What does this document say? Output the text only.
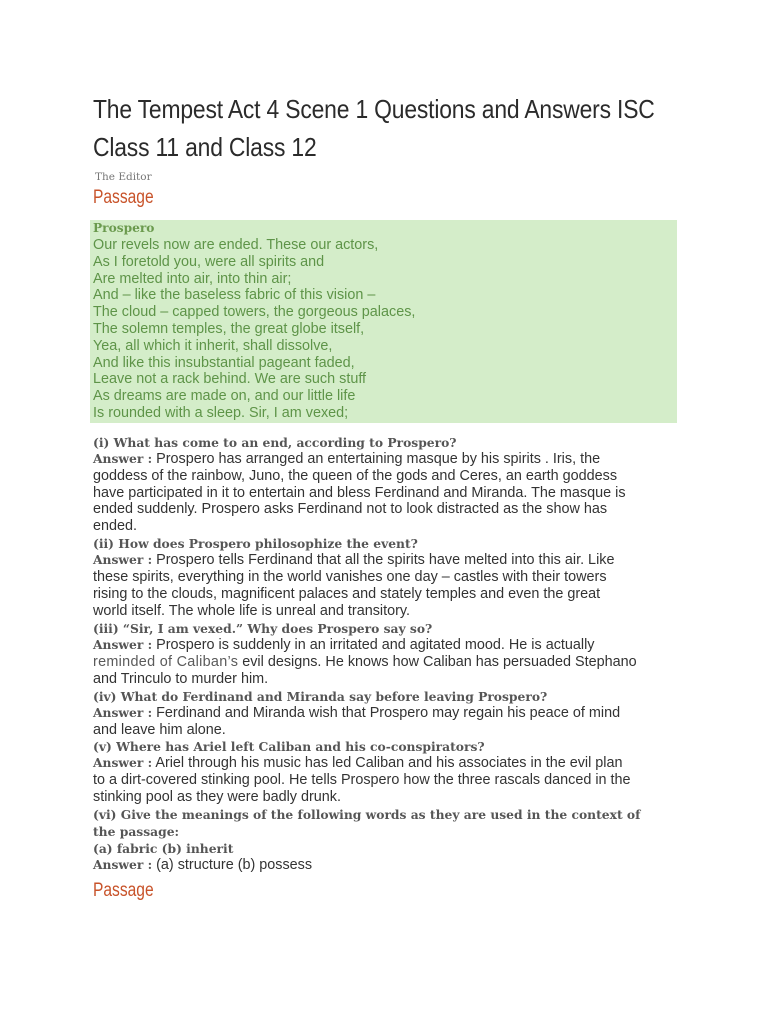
The Tempest Act 4 Scene 1 Questions and Answers ISC
Class 11 and Class 12
The Editor
Passage
Prospero
Our revels now are ended. These our actors,
As I foretold you, were all spirits and
Are melted into air, into thin air;
And – like the baseless fabric of this vision –
The cloud – capped towers, the gorgeous palaces,
The solemn temples, the great globe itself,
Yea, all which it inherit, shall dissolve,
And like this insubstantial pageant faded,
Leave not a rack behind. We are such stuff
As dreams are made on, and our little life
Is rounded with a sleep. Sir, I am vexed;
(i) What has come to an end, according to Prospero?
Answer : Prospero has arranged an entertaining masque by his spirits . Iris, the
goddess of the rainbow, Juno, the queen of the gods and Ceres, an earth goddess
have participated in it to entertain and bless Ferdinand and Miranda. The masque is
ended suddenly. Prospero asks Ferdinand not to look distracted as the show has
ended.
(ii) How does Prospero philosophize the event?
Answer : Prospero tells Ferdinand that all the spirits have melted into this air. Like
these spirits, everything in the world vanishes one day – castles with their towers
rising to the clouds, magnificent palaces and stately temples and even the great
world itself. The whole life is unreal and transitory.
(iii) “Sir, I am vexed.” Why does Prospero say so?
Answer : Prospero is suddenly in an irritated and agitated mood. He is actually
reminded of Caliban’s evil designs. He knows how Caliban has persuaded Stephano
and Trinculo to murder him.
(iv) What do Ferdinand and Miranda say before leaving Prospero?
Answer : Ferdinand and Miranda wish that Prospero may regain his peace of mind
and leave him alone.
(v) Where has Ariel left Caliban and his co-conspirators?
Answer : Ariel through his music has led Caliban and his associates in the evil plan
to a dirt-covered stinking pool. He tells Prospero how the three rascals danced in the
stinking pool as they were badly drunk.
(vi) Give the meanings of the following words as they are used in the context of
the passage:
(a) fabric (b) inherit
Answer : (a) structure (b) possess
Passage
